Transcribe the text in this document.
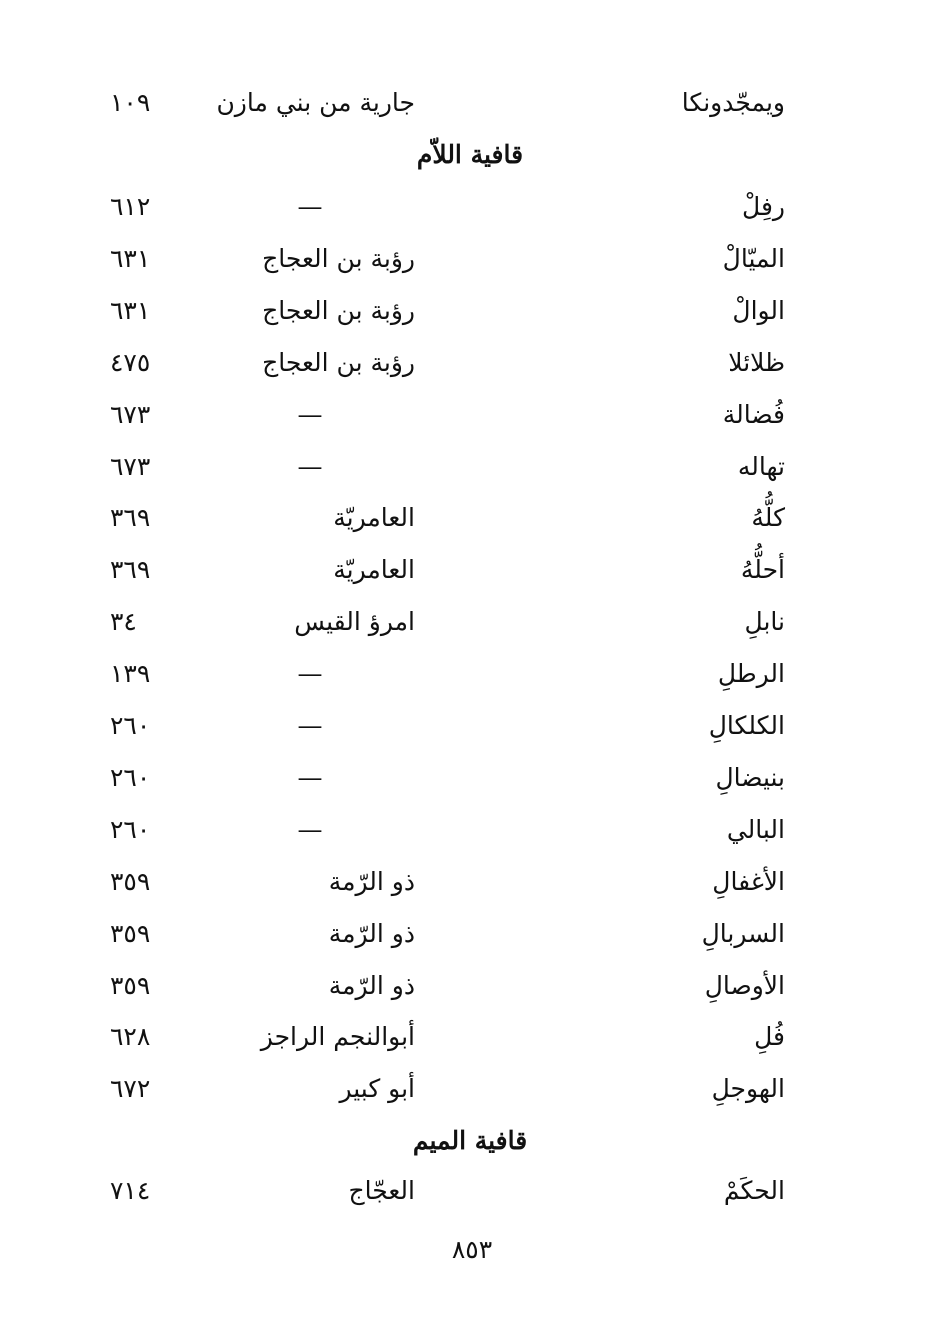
ويمجّدونكا
جارية من بني مازن
١٠٩
قافية اللاّم
رفِلْ
—
٦١٢
الميّالْ
رؤبة بن العجاج
٦٣١
الوالْ
رؤبة بن العجاج
٦٣١
ظلائلا
رؤبة بن العجاج
٤٧٥
فُضالة
—
٦٧٣
تهاله
—
٦٧٣
كلُّهُ
العامريّة
٣٦٩
أحلُّهُ
العامريّة
٣٦٩
نابلِ
امرؤ القيس
٣٤
الرطلِ
—
١٣٩
الكلكالِ
—
٢٦٠
بنيضالِ
—
٢٦٠
البالي
—
٢٦٠
الأغفالِ
ذو الرّمة
٣٥٩
السربالِ
ذو الرّمة
٣٥٩
الأوصالِ
ذو الرّمة
٣٥٩
فُلِ
أبوالنجم الراجز
٦٢٨
الهوجلِ
أبو كبير
٦٧٢
قافية الميم
الحكَمْ
العجّاج
٧١٤
٨٥٣
